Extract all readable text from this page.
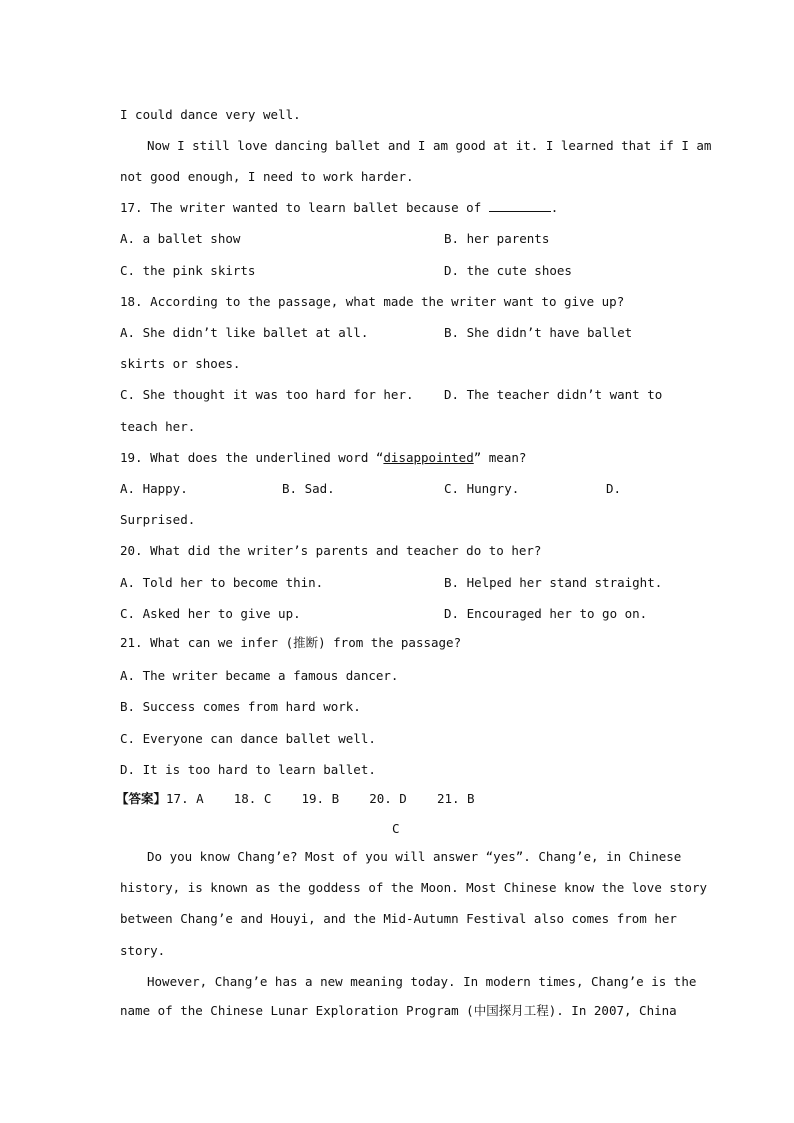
I could dance very well.
Now I still love dancing ballet and I am good at it. I learned that if I am
not good enough, I need to work harder.
17. The writer wanted to learn ballet because of	.
A. a ballet show	B. her parents
C. the pink skirts	D. the cute shoes
18. According to the passage, what made the writer want to give up?
A. She didn’t like ballet at all.	B. She didn’t have ballet
skirts or shoes.
C. She thought it was too hard for her. D. The teacher didn’t want to
teach her.
19. What does the underlined word “disappointed” mean?
A. Happy.	B. Sad.	C. Hungry.	D.
Surprised.
20. What did the writer’s parents and teacher do to her?
A. Told her to become thin.	B. Helped her stand straight.
C. Asked her to give up.	D. Encouraged her to go on.
21. What can we infer (推断) from the passage?
A. The writer became a famous dancer.
B. Success comes from hard work.
C. Everyone can dance ballet well.
D. It is too hard to learn ballet.
【答案】17. A    18. C    19. B    20. D    21. B
C
Do you know Chang’e? Most of you will answer “yes”. Chang’e, in Chinese
history, is known as the goddess of the Moon. Most Chinese know the love story
between Chang’e and Houyi, and the Mid-Autumn Festival also comes from her
story.
However, Chang’e has a new meaning today. In modern times, Chang’e is the
name of the Chinese Lunar Exploration Program (中国探月工程). In 2007, China
